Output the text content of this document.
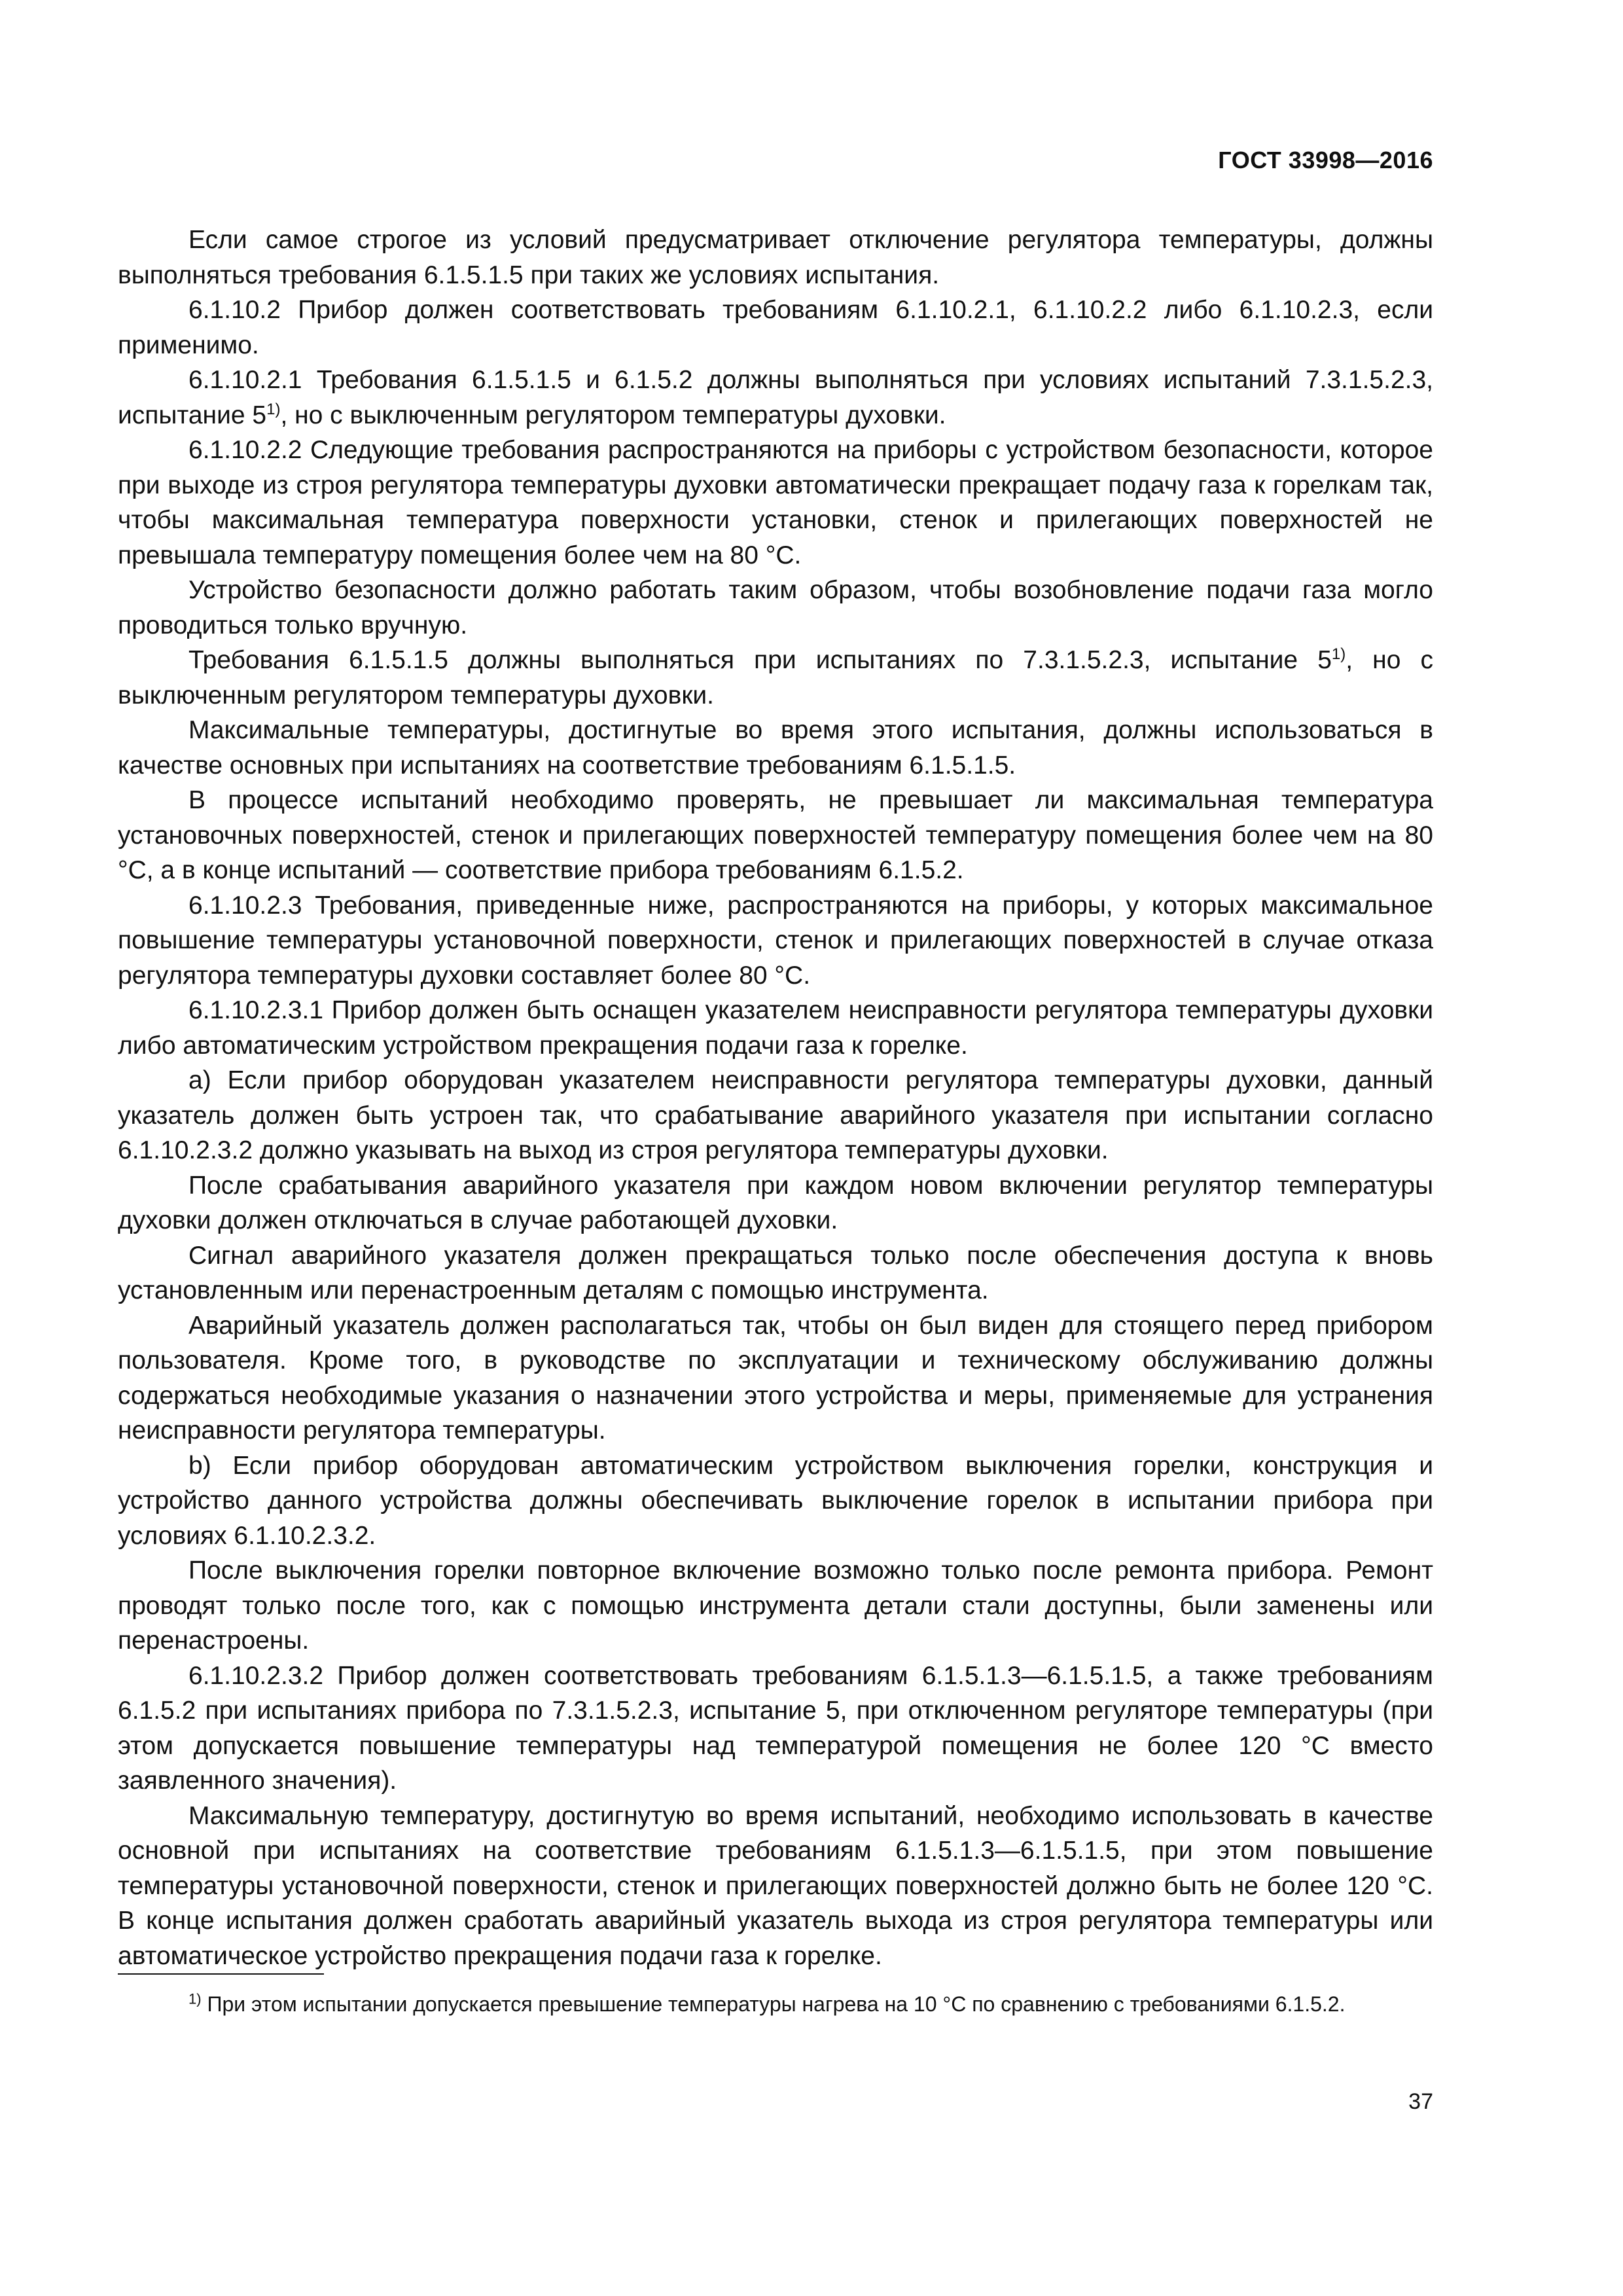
ГОСТ 33998—2016

Если самое строгое из условий предусматривает отключение регулятора температуры, должны выполняться требования 6.1.5.1.5 при таких же условиях испытания.

6.1.10.2 Прибор должен соответствовать требованиям 6.1.10.2.1, 6.1.10.2.2 либо 6.1.10.2.3, если применимо.

6.1.10.2.1 Требования 6.1.5.1.5 и 6.1.5.2 должны выполняться при условиях испытаний 7.3.1.5.2.3, испытание 5$^{1)}$, но с выключенным регулятором температуры духовки.

6.1.10.2.2 Следующие требования распространяются на приборы с устройством безопасности, которое при выходе из строя регулятора температуры духовки автоматически прекращает подачу газа к горелкам так, чтобы максимальная температура поверхности установки, стенок и прилегающих поверхностей не превышала температуру помещения более чем на 80 °С.

Устройство безопасности должно работать таким образом, чтобы возобновление подачи газа могло проводиться только вручную.

Требования 6.1.5.1.5 должны выполняться при испытаниях по 7.3.1.5.2.3, испытание 5$^{1)}$, но с выключенным регулятором температуры духовки.

Максимальные температуры, достигнутые во время этого испытания, должны использоваться в качестве основных при испытаниях на соответствие требованиям 6.1.5.1.5.

В процессе испытаний необходимо проверять, не превышает ли максимальная температура установочных поверхностей, стенок и прилегающих поверхностей температуру помещения более чем на 80 °С, а в конце испытаний — соответствие прибора требованиям 6.1.5.2.

6.1.10.2.3 Требования, приведенные ниже, распространяются на приборы, у которых максимальное повышение температуры установочной поверхности, стенок и прилегающих поверхностей в случае отказа регулятора температуры духовки составляет более 80 °С.

6.1.10.2.3.1 Прибор должен быть оснащен указателем неисправности регулятора температуры духовки либо автоматическим устройством прекращения подачи газа к горелке.

а) Если прибор оборудован указателем неисправности регулятора температуры духовки, данный указатель должен быть устроен так, что срабатывание аварийного указателя при испытании согласно 6.1.10.2.3.2 должно указывать на выход из строя регулятора температуры духовки.

После срабатывания аварийного указателя при каждом новом включении регулятор температуры духовки должен отключаться в случае работающей духовки.

Сигнал аварийного указателя должен прекращаться только после обеспечения доступа к вновь установленным или перенастроенным деталям с помощью инструмента.

Аварийный указатель должен располагаться так, чтобы он был виден для стоящего перед прибором пользователя. Кроме того, в руководстве по эксплуатации и техническому обслуживанию должны содержаться необходимые указания о назначении этого устройства и меры, применяемые для устранения неисправности регулятора температуры.

b) Если прибор оборудован автоматическим устройством выключения горелки, конструкция и устройство данного устройства должны обеспечивать выключение горелок в испытании прибора при условиях 6.1.10.2.3.2.

После выключения горелки повторное включение возможно только после ремонта прибора. Ремонт проводят только после того, как с помощью инструмента детали стали доступны, были заменены или перенастроены.

6.1.10.2.3.2 Прибор должен соответствовать требованиям 6.1.5.1.3—6.1.5.1.5, а также требованиям 6.1.5.2 при испытаниях прибора по 7.3.1.5.2.3, испытание 5, при отключенном регуляторе температуры (при этом допускается повышение температуры над температурой помещения не более 120 °С вместо заявленного значения).

Максимальную температуру, достигнутую во время испытаний, необходимо использовать в качестве основной при испытаниях на соответствие требованиям 6.1.5.1.3—6.1.5.1.5, при этом повышение температуры установочной поверхности, стенок и прилегающих поверхностей должно быть не более 120 °С. В конце испытания должен сработать аварийный указатель выхода из строя регулятора температуры или автоматическое устройство прекращения подачи газа к горелке.

$^{1)}$ При этом испытании допускается превышение температуры нагрева на 10 °С по сравнению с требованиями 6.1.5.2.
37
